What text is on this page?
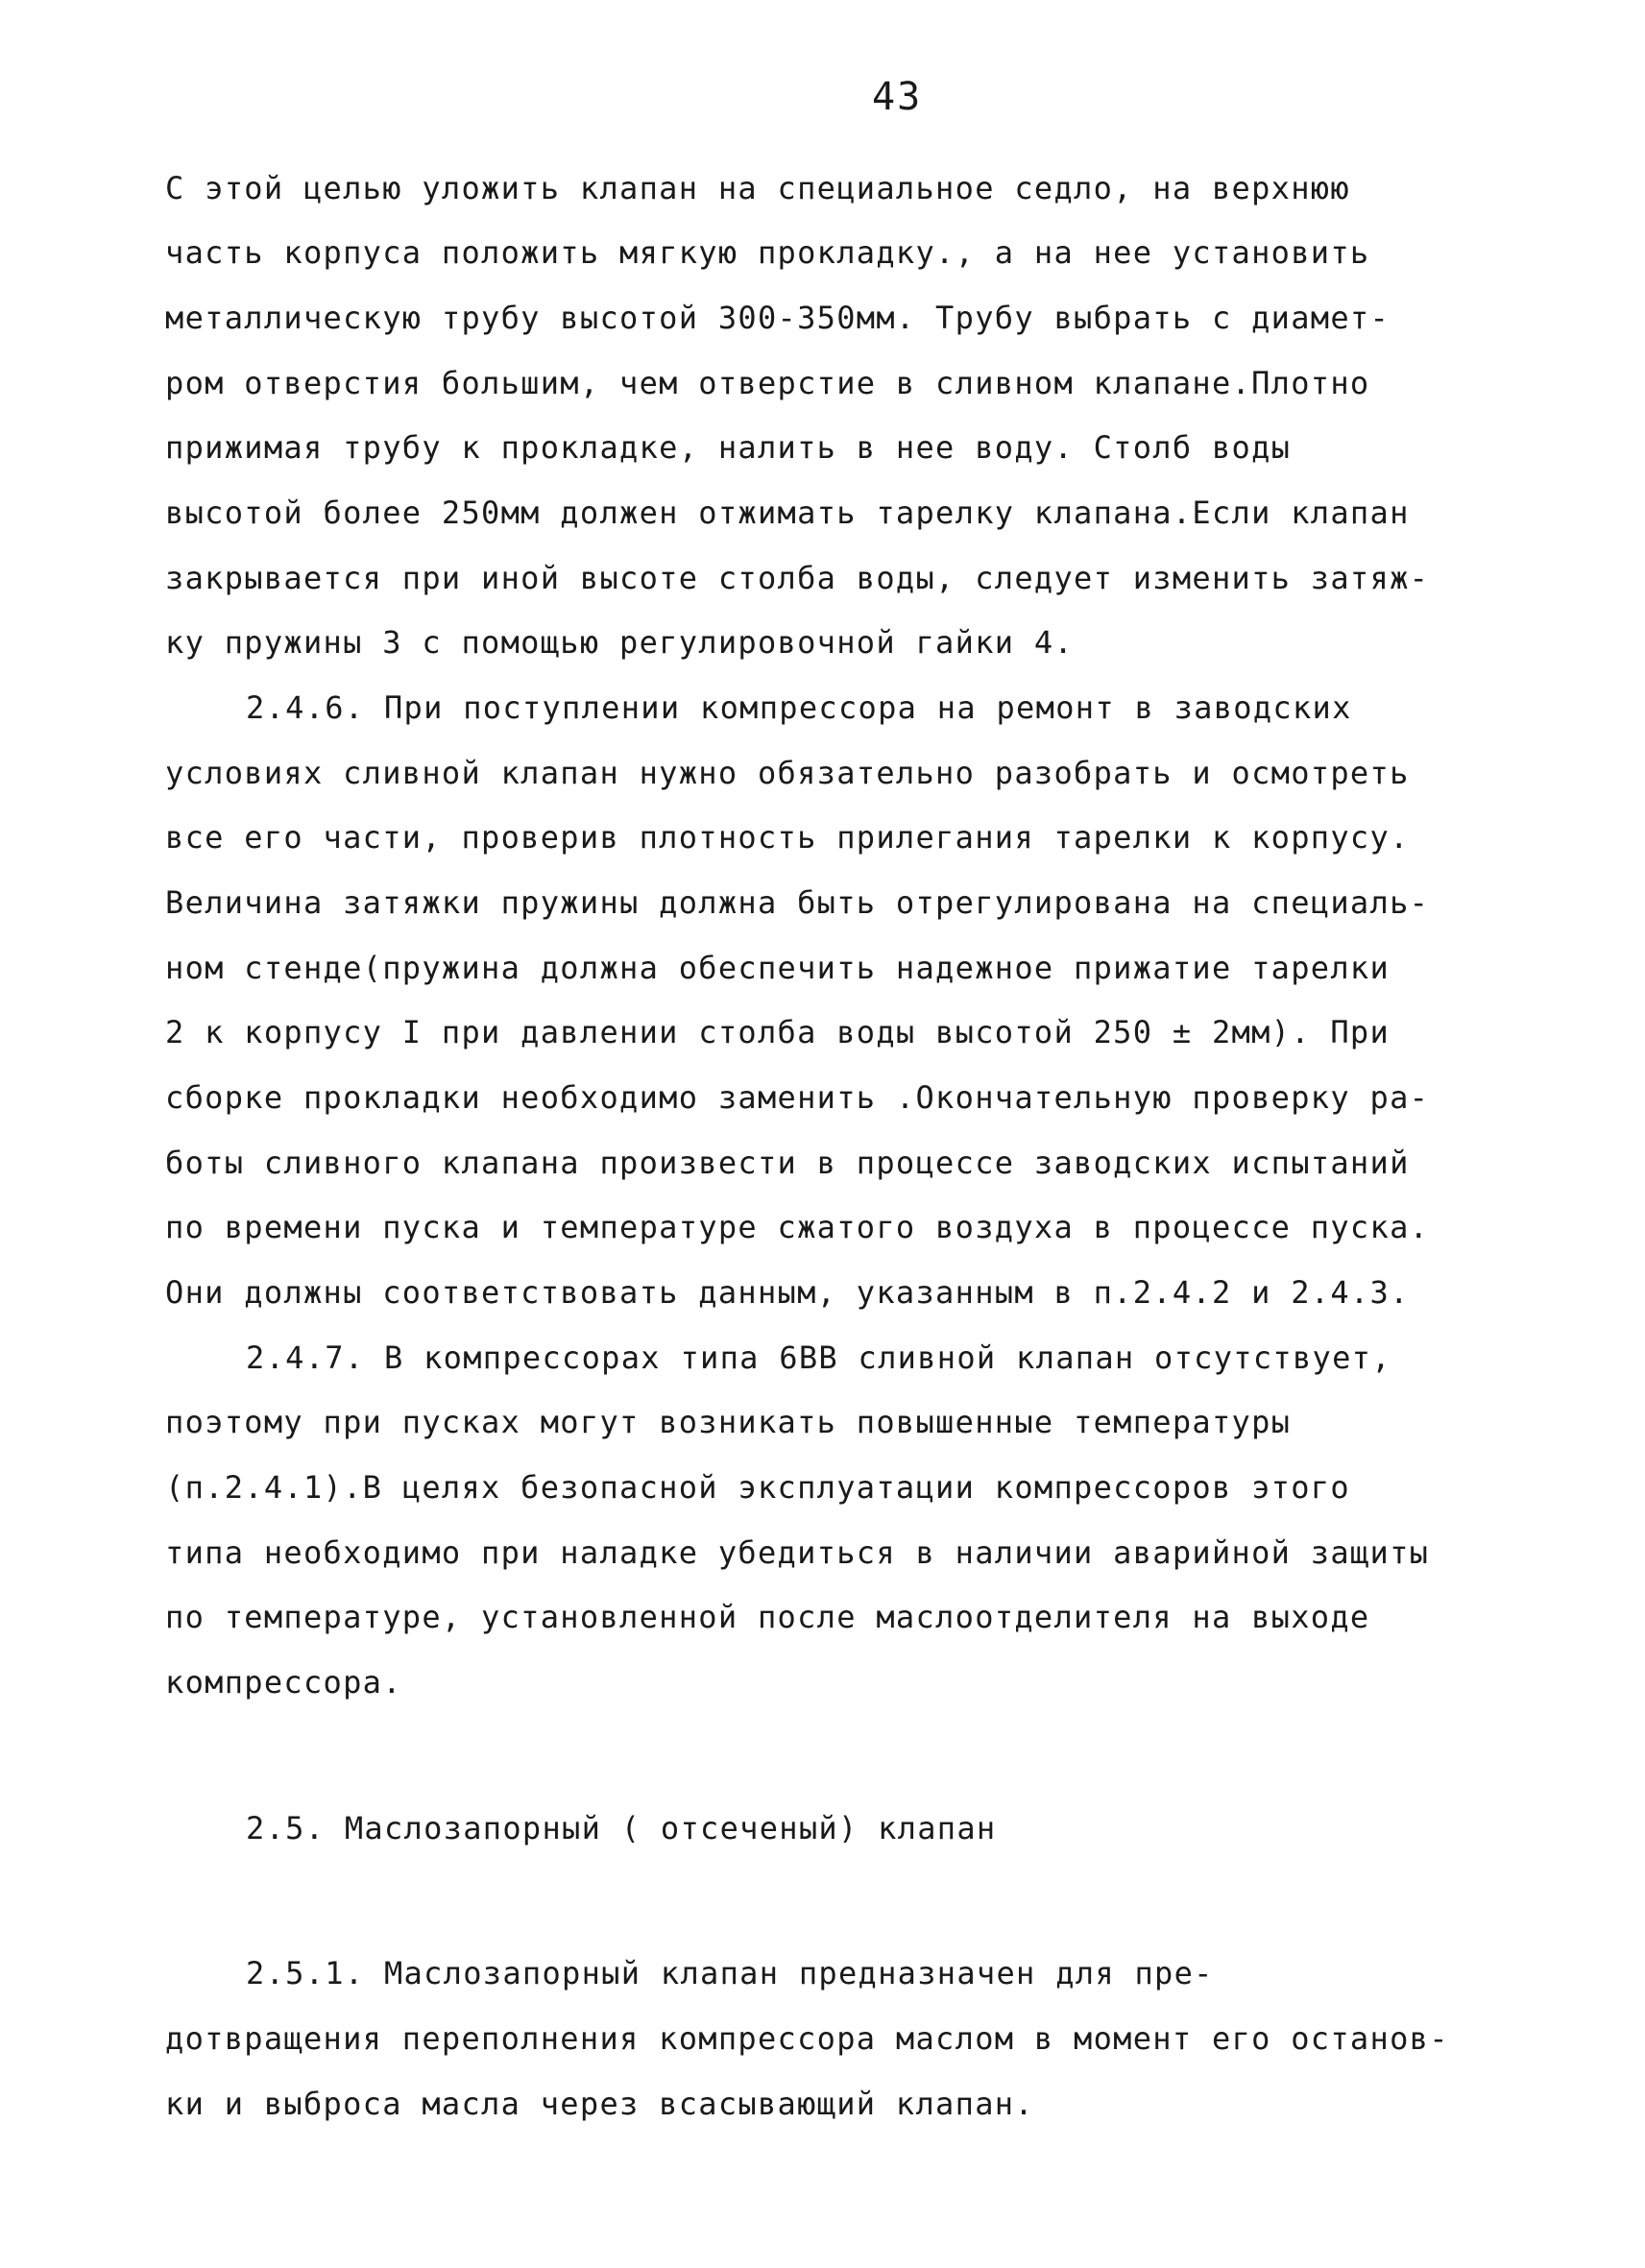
43
С этой целью уложить клапан на специальное седло, на верхнюю
часть корпуса положить мягкую прокладку., а на нее установить
металлическую трубу высотой 300-350мм. Трубу выбрать с диамет-
ром отверстия большим, чем отверстие в сливном клапане.Плотно
прижимая трубу к прокладке, налить в нее воду. Столб воды
высотой более 250мм должен отжимать тарелку клапана.Если клапан
закрывается при иной высоте столба воды, следует изменить затяж-
ку пружины 3 с помощью регулировочной гайки 4.
2.4.6. При поступлении компрессора на ремонт в заводских
условиях сливной клапан нужно обязательно разобрать и осмотреть
все его части, проверив плотность прилегания тарелки к корпусу.
Величина затяжки пружины должна быть отрегулирована на специаль-
ном стенде(пружина должна обеспечить надежное прижатие тарелки
2 к корпусу I при давлении столба воды высотой 250 ± 2мм). При
сборке прокладки необходимо заменить .Окончательную проверку ра-
боты сливного клапана произвести в процессе заводских испытаний
по времени пуска и температуре сжатого воздуха в процессе пуска.
Они должны соответствовать данным, указанным в п.2.4.2 и 2.4.3.
2.4.7. В компрессорах типа 6ВВ сливной клапан отсутствует,
поэтому при пусках могут возникать повышенные температуры
(п.2.4.1).В целях безопасной эксплуатации компрессоров этого
типа необходимо при наладке убедиться в наличии аварийной защиты
по температуре, установленной после маслоотделителя на выходе
компрессора.
2.5. Маслозапорный ( отсеченый) клапан
2.5.1. Маслозапорный клапан предназначен для пре-
дотвращения переполнения компрессора маслом в момент его останов-
ки и выброса масла через всасывающий клапан.
